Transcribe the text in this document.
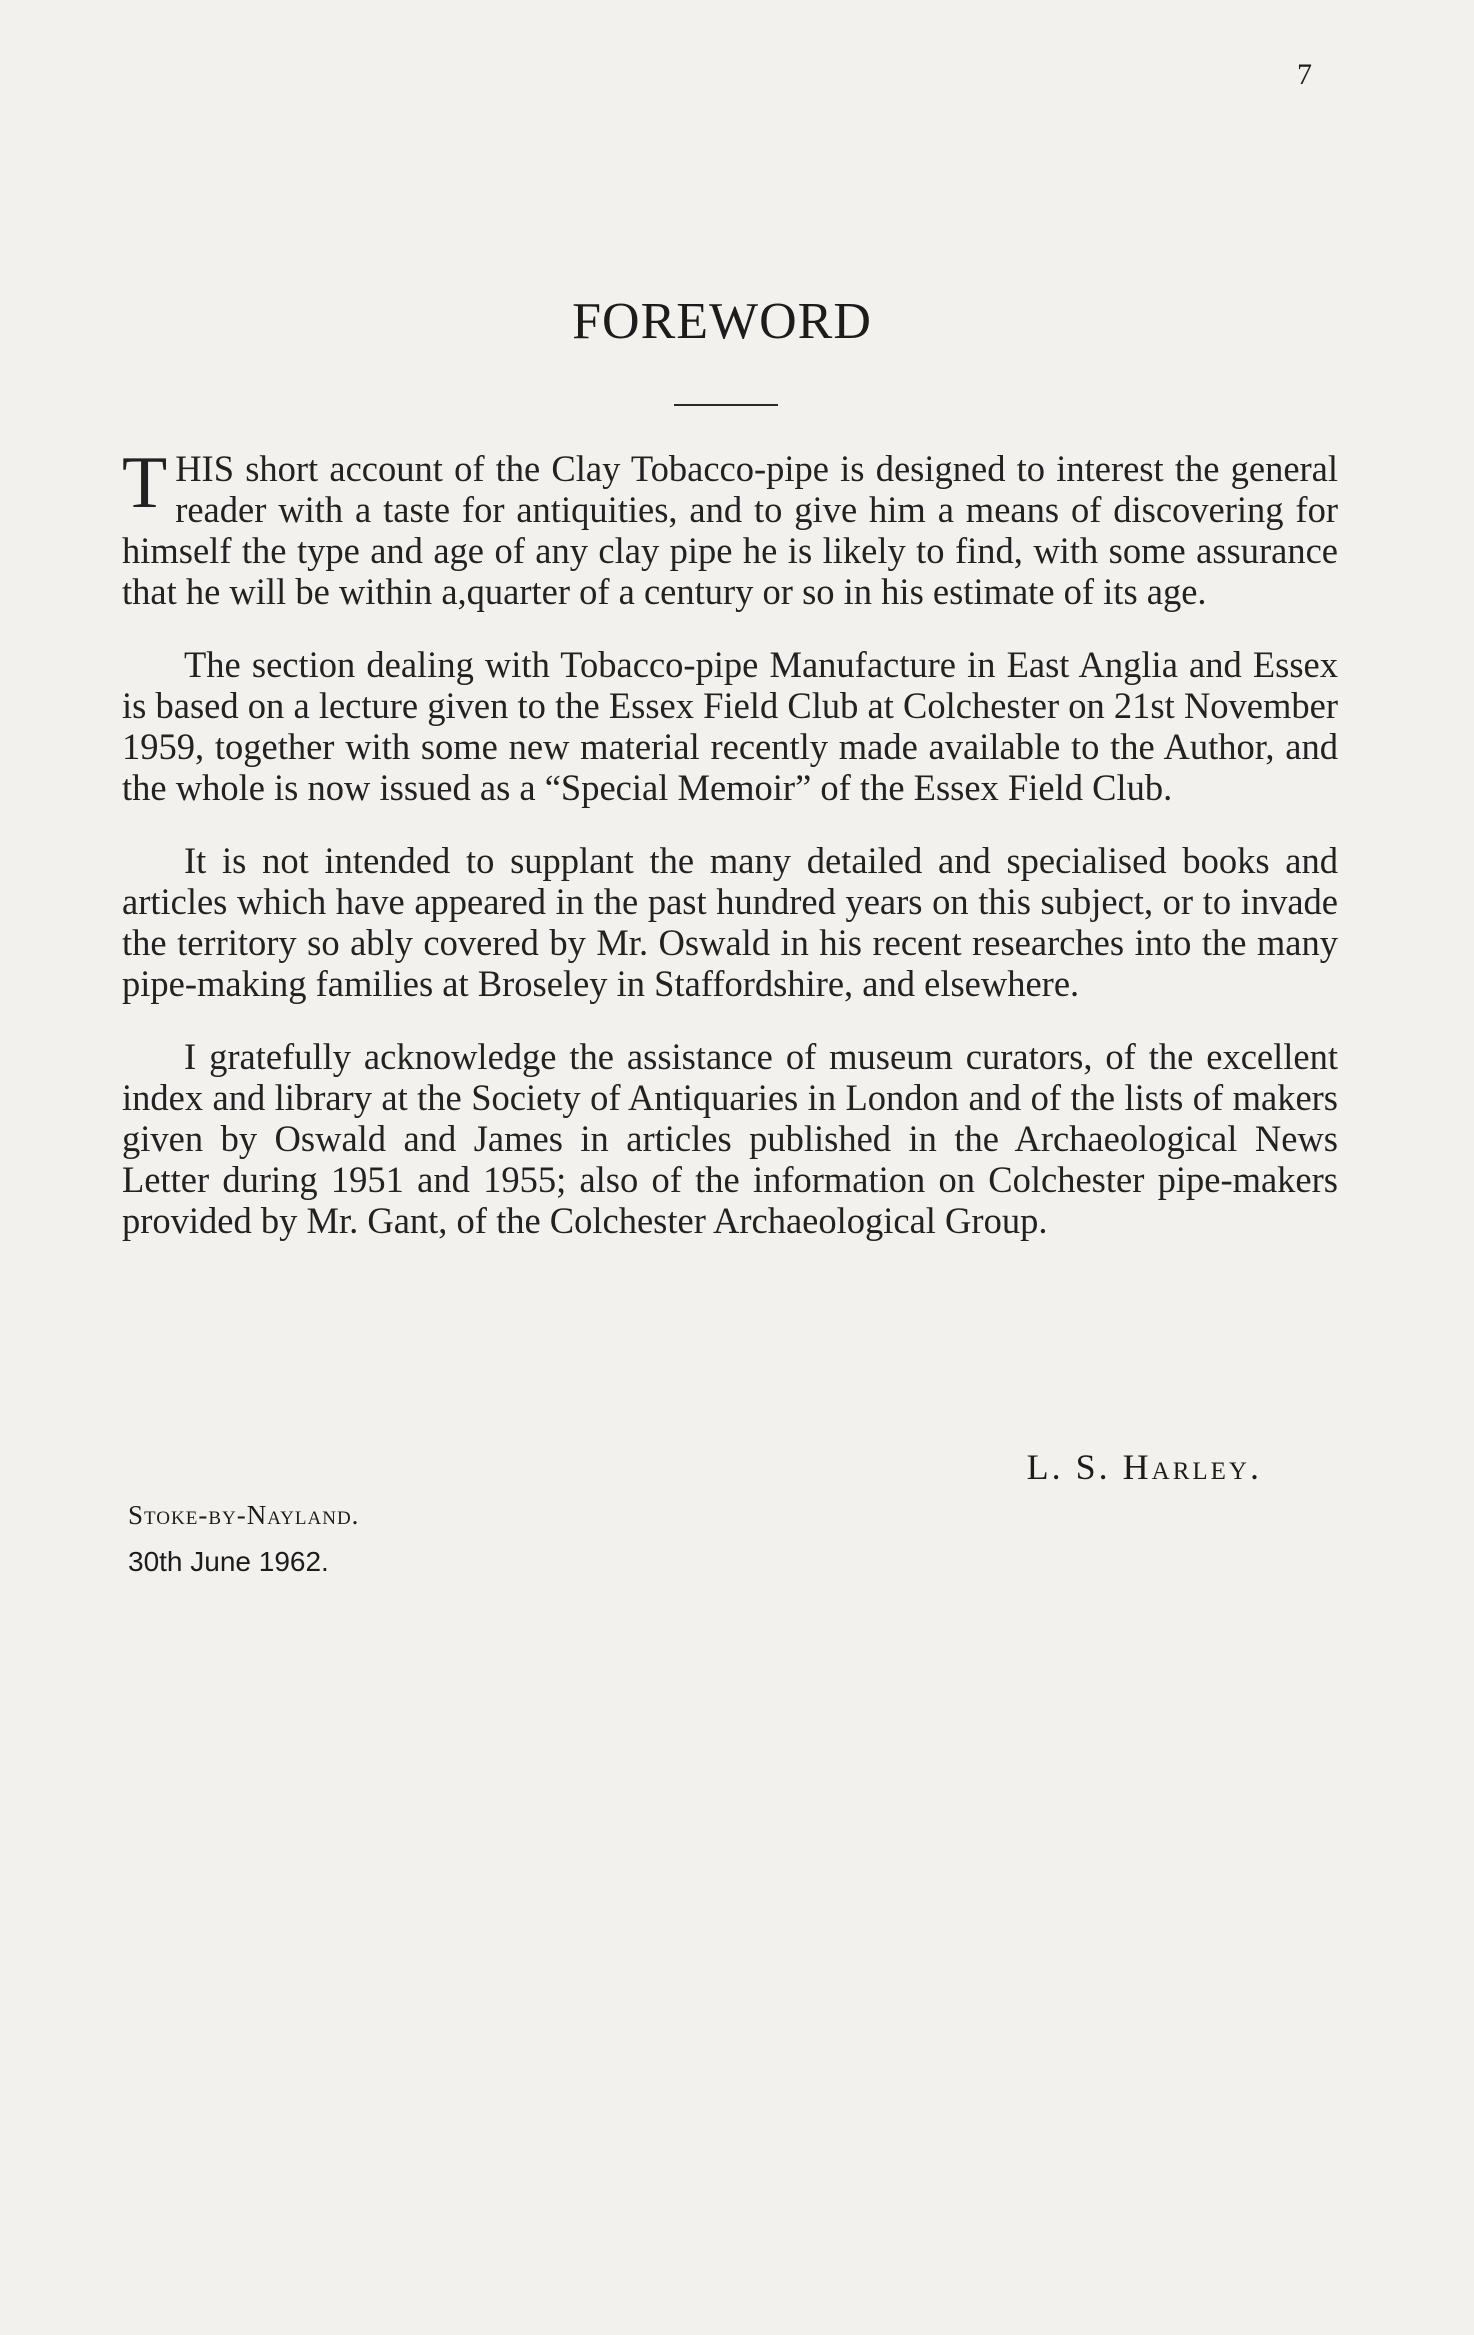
7
FOREWORD

T HIS short account of the Clay Tobacco-pipe is designed to interest the general reader with a taste for antiquities, and to give him a means of discovering for himself the type and age of any clay pipe he is likely to find, with some assurance that he will be within a,quarter of a century or so in his estimate of its age.

The section dealing with Tobacco-pipe Manufacture in East Anglia and Essex is based on a lecture given to the Essex Field Club at Colchester on 21st November 1959, together with some new material recently made available to the Author, and the whole is now issued as a “Special Memoir” of the Essex Field Club.

It is not intended to supplant the many detailed and specialised books and articles which have appeared in the past hundred years on this subject, or to invade the territory so ably covered by Mr. Oswald in his recent researches into the many pipe-making families at Broseley in Staffordshire, and elsewhere.

I gratefully acknowledge the assistance of museum curators, of the excellent index and library at the Society of Antiquaries in London and of the lists of makers given by Oswald and James in articles published in the Archaeological News Letter during 1951 and 1955; also of the information on Colchester pipe-makers provided by Mr. Gant, of the Colchester Archaeological Group.

L. S. Harley.
Stoke-by-Nayland.
30th June 1962.
